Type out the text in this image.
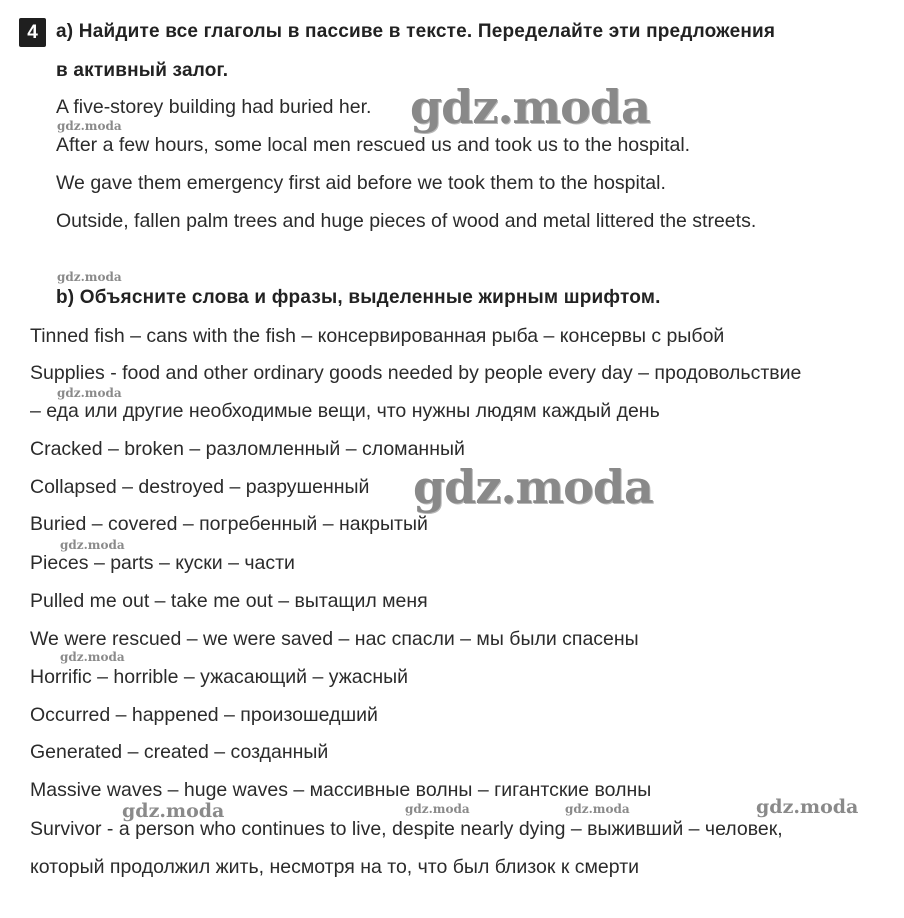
4 a) Найдите все глаголы в пассиве в тексте. Переделайте эти предложения
в активный залог.
A five-storey building had buried her.
After a few hours, some local men rescued us and took us to the hospital.
We gave them emergency first aid before we took them to the hospital.
Outside, fallen palm trees and huge pieces of wood and metal littered the streets.
b) Объясните слова и фразы, выделенные жирным шрифтом.
Tinned fish – cans with the fish – консервированная рыба – консервы с рыбой
Supplies - food and other ordinary goods needed by people every day – продовольствие
– еда или другие необходимые вещи, что нужны людям каждый день
Cracked – broken – разломленный – сломанный
Collapsed – destroyed – разрушенный
Buried – covered – погребенный – накрытый
Pieces – parts – куски – части
Pulled me out – take me out – вытащил меня
We were rescued – we were saved – нас спасли – мы были спасены
Horrific – horrible – ужасающий – ужасный
Occurred – happened – произошедший
Generated – created – созданный
Massive waves – huge waves – массивные волны – гигантские волны
Survivor - a person who continues to live, despite nearly dying – выживший – человек,
который продолжил жить, несмотря на то, что был близок к смерти
gdz.moda
gdz.moda
gdz.moda
gdz.moda
gdz.moda
gdz.moda
gdz.moda
gdz.moda	gdz.moda
gdz.moda	gdz.moda
